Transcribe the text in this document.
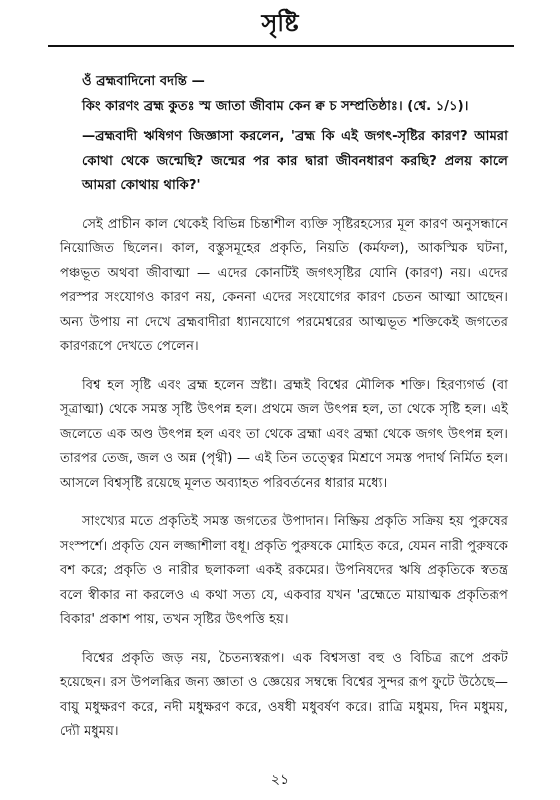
সৃষ্টি

ওঁ ব্রহ্মবাদিনো বদন্তি —

কিং কারণং ব্রহ্ম কুতঃ স্ম জাতা জীবাম কেন ক্ব চ সম্প্রতিষ্ঠাঃ। (শ্বে. ১/১)।

—ব্রহ্মবাদী ঋষিগণ জিজ্ঞাসা করলেন, 'ব্রহ্ম কি এই জগৎ-সৃষ্টির কারণ? আমরা কোথা থেকে জন্মেছি? জন্মের পর কার দ্বারা জীবনধারণ করছি? প্রলয় কালে আমরা কোথায় থাকি?'

সেই প্রাচীন কাল থেকেই বিভিন্ন চিন্তাশীল ব্যক্তি সৃষ্টিরহস্যের মূল কারণ অনুসন্ধানে নিয়োজিত ছিলেন। কাল, বস্তুসমূহের প্রকৃতি, নিয়তি (কর্মফল), আকস্মিক ঘটনা, পঞ্চভূত অথবা জীবাত্মা — এদের কোনটিই জগৎসৃষ্টির যোনি (কারণ) নয়। এদের পরস্পর সংযোগও কারণ নয়, কেননা এদের সংযোগের কারণ চেতন আত্মা আছেন। অন্য উপায় না দেখে ব্রহ্মবাদীরা ধ্যানযোগে পরমেশ্বরের আত্মভূত শক্তিকেই জগতের কারণরূপে দেখতে পেলেন।

বিশ্ব হল সৃষ্টি এবং ব্রহ্ম হলেন স্রষ্টা। ব্রহ্মই বিশ্বের মৌলিক শক্তি। হিরণ্যগর্ভ (বা সূত্রাত্মা) থেকে সমস্ত সৃষ্টি উৎপন্ন হল। প্রথমে জল উৎপন্ন হল, তা থেকে সৃষ্টি হল। এই জলেতে এক অণ্ড উৎপন্ন হল এবং তা থেকে ব্রহ্মা এবং ব্রহ্মা থেকে জগৎ উৎপন্ন হল। তারপর তেজ, জল ও অন্ন (পৃথ্বী) — এই তিন তত্ত্বের মিশ্রণে সমস্ত পদার্থ নির্মিত হল। আসলে বিশ্বসৃষ্টি রয়েছে মূলত অব্যাহত পরিবর্তনের ধারার মধ্যে।

সাংখ্যের মতে প্রকৃতিই সমস্ত জগতের উপাদান। নিষ্ক্রিয় প্রকৃতি সক্রিয় হয় পুরুষের সংস্পর্শে। প্রকৃতি যেন লজ্জাশীলা বধূ। প্রকৃতি পুরুষকে মোহিত করে, যেমন নারী পুরুষকে বশ করে; প্রকৃতি ও নারীর ছলাকলা একই রকমের। উপনিষদের ঋষি প্রকৃতিকে স্বতন্ত্র বলে স্বীকার না করলেও এ কথা সত্য যে, একবার যখন 'ব্রহ্মেতে মায়াত্মক প্রকৃতিরূপ বিকার' প্রকাশ পায়, তখন সৃষ্টির উৎপত্তি হয়।

বিশ্বের প্রকৃতি জড় নয়, চৈতন্যস্বরূপ। এক বিশ্বসত্তা বহু ও বিচিত্র রূপে প্রকট হয়েছেন। রস উপলব্ধির জন্য জ্ঞাতা ও জ্ঞেয়ের সম্বন্ধে বিশ্বের সুন্দর রূপ ফুটে উঠেছে— বায়ু মধুক্ষরণ করে, নদী মধুক্ষরণ করে, ওষধী মধুবর্ষণ করে। রাত্রি মধুময়, দিন মধুময়, দ্যৌ মধুময়।

২১
